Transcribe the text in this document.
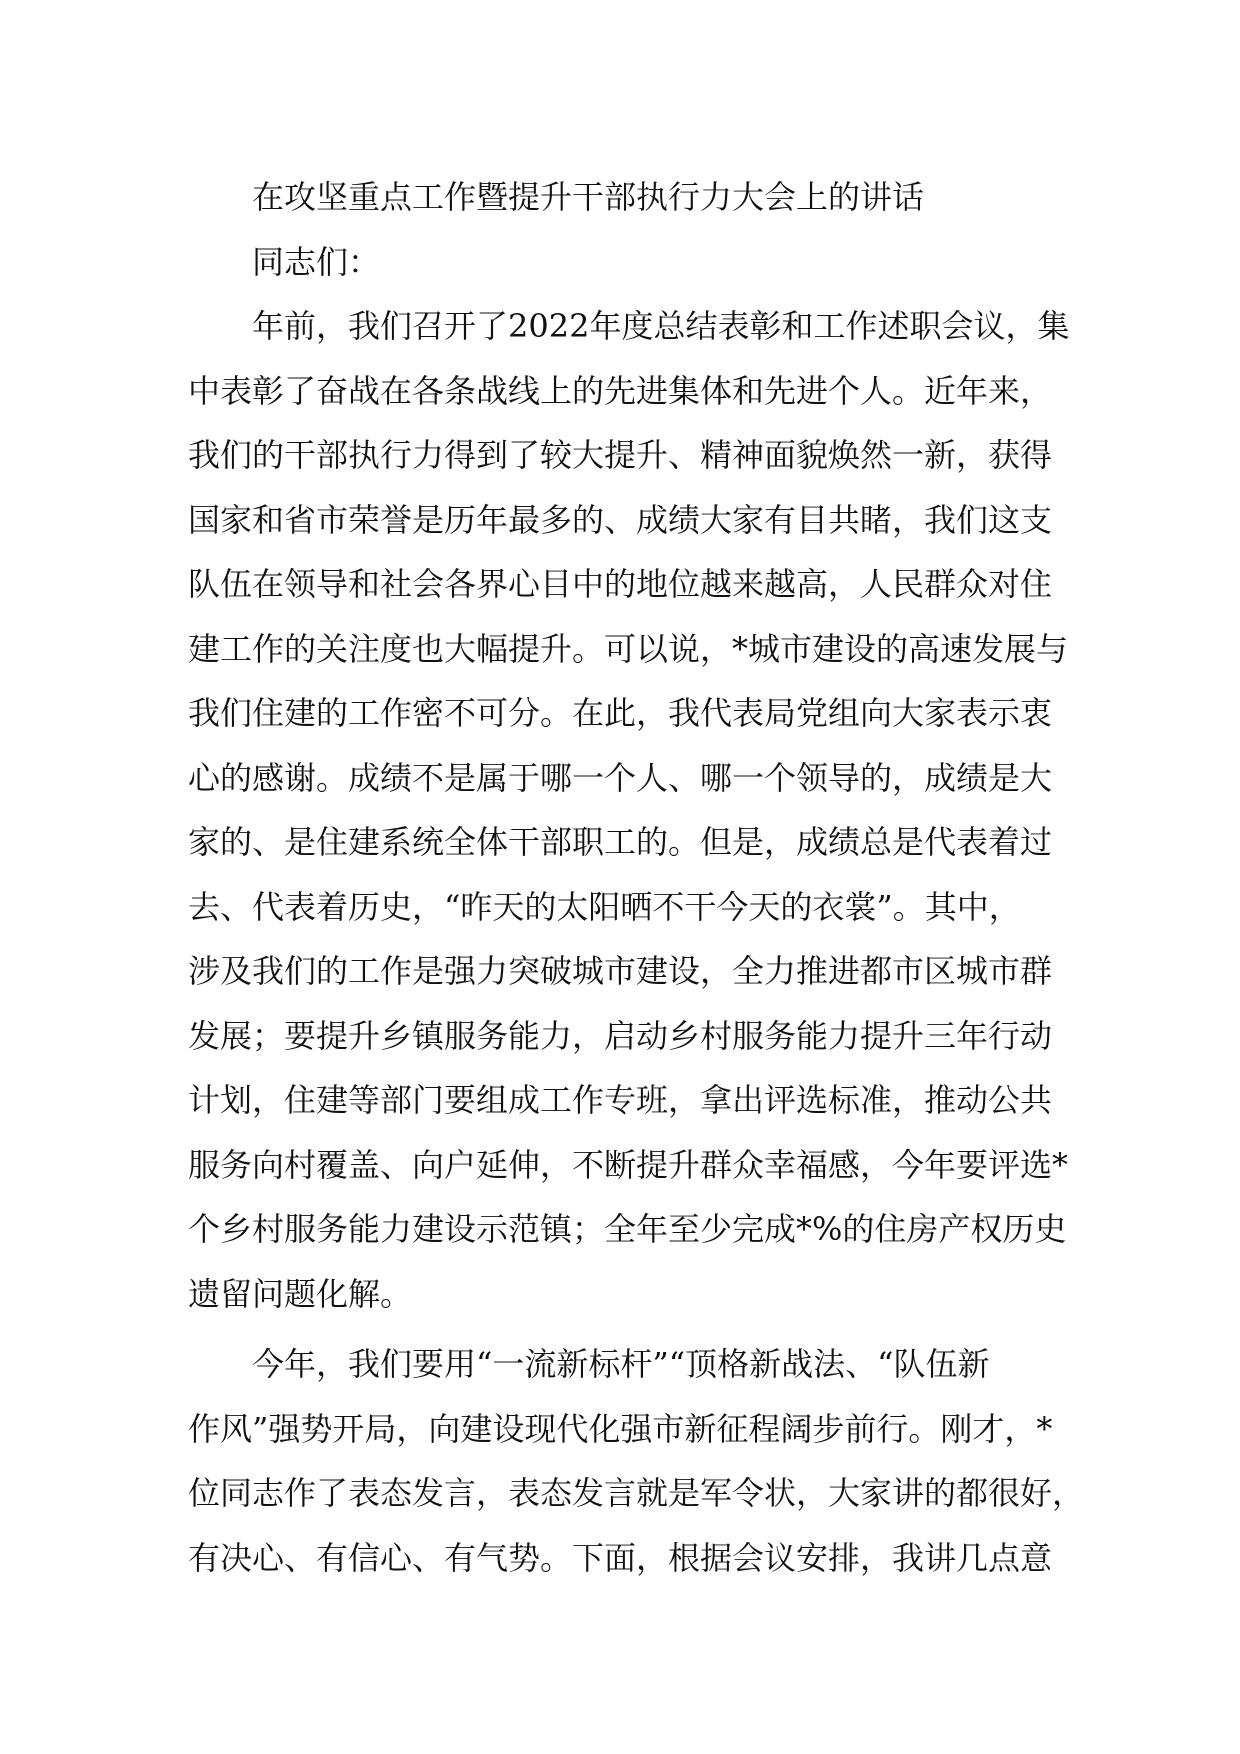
在攻坚重点工作暨提升干部执行力大会上的讲话
同志们：
年前，我们召开了2022年度总结表彰和工作述职会议，集
中表彰了奋战在各条战线上的先进集体和先进个人。近年来，
我们的干部执行力得到了较大提升、精神面貌焕然一新，获得
国家和省市荣誉是历年最多的、成绩大家有目共睹，我们这支
队伍在领导和社会各界心目中的地位越来越高，人民群众对住
建工作的关注度也大幅提升。可以说，*城市建设的高速发展与
我们住建的工作密不可分。在此，我代表局党组向大家表示衷
心的感谢。成绩不是属于哪一个人、哪一个领导的，成绩是大
家的、是住建系统全体干部职工的。但是，成绩总是代表着过
去、代表着历史，“昨天的太阳晒不干今天的衣裳”。其中，
涉及我们的工作是强力突破城市建设，全力推进都市区城市群
发展；要提升乡镇服务能力，启动乡村服务能力提升三年行动
计划，住建等部门要组成工作专班，拿出评选标准，推动公共
服务向村覆盖、向户延伸，不断提升群众幸福感，今年要评选*
个乡村服务能力建设示范镇；全年至少完成*%的住房产权历史
遗留问题化解。
今年，我们要用“一流新标杆”“顶格新战法、“队伍新
作风”强势开局，向建设现代化强市新征程阔步前行。刚才，*
位同志作了表态发言，表态发言就是军令状，大家讲的都很好，
有决心、有信心、有气势。下面，根据会议安排，我讲几点意
